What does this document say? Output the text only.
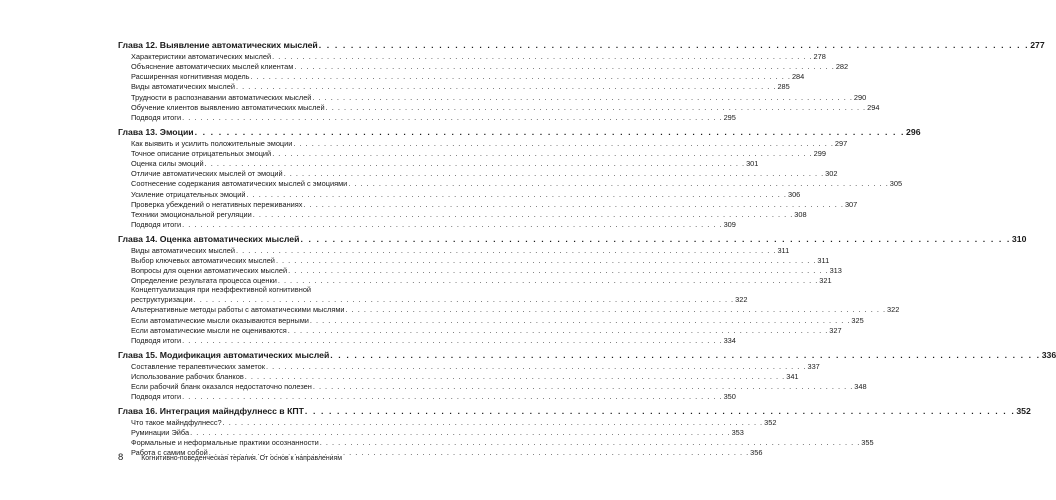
Глава 12. Выявление автоматических мыслей . . . . . . . . . . . . . . . . . . . . . . . . . . . . . . . . . . . . . . . . . . . . . . . . . . . . . . . . . . . . . . . . . . . . . . . . . . . . . . . . . . . . . . . . . 277
Характеристики автоматических мыслей . . . . . . . . . . . . . . . . . . . . . . . . . . . . . . . . . . . . . . . . . . . . . . . . . . . . . . . . . . . . . . . . . . . . . . . . . . . . . . . . . . . . . . . . . 278
Объяснение автоматических мыслей клиентам . . . . . . . . . . . . . . . . . . . . . . . . . . . . . . . . . . . . . . . . . . . . . . . . . . . . . . . . . . . . . . . . . . . . . . . . . . . . . . . . . . . . . . . . . 282
Расширенная когнитивная модель . . . . . . . . . . . . . . . . . . . . . . . . . . . . . . . . . . . . . . . . . . . . . . . . . . . . . . . . . . . . . . . . . . . . . . . . . . . . . . . . . . . . . . . . . 284
Виды автоматических мыслей . . . . . . . . . . . . . . . . . . . . . . . . . . . . . . . . . . . . . . . . . . . . . . . . . . . . . . . . . . . . . . . . . . . . . . . . . . . . . . . . . . . . . . . . . 285
Трудности в распознавании автоматических мыслей . . . . . . . . . . . . . . . . . . . . . . . . . . . . . . . . . . . . . . . . . . . . . . . . . . . . . . . . . . . . . . . . . . . . . . . . . . . . . . . . . . . . . . . . . 290
Обучение клиентов выявлению автоматических мыслей . . . . . . . . . . . . . . . . . . . . . . . . . . . . . . . . . . . . . . . . . . . . . . . . . . . . . . . . . . . . . . . . . . . . . . . . . . . . . . . . . . . . . . . . . 294
Подводя итоги . . . . . . . . . . . . . . . . . . . . . . . . . . . . . . . . . . . . . . . . . . . . . . . . . . . . . . . . . . . . . . . . . . . . . . . . . . . . . . . . . . . . . . . . . 295
Глава 13. Эмоции . . . . . . . . . . . . . . . . . . . . . . . . . . . . . . . . . . . . . . . . . . . . . . . . . . . . . . . . . . . . . . . . . . . . . . . . . . . . . . . . . . . . . . . . . 296
Как выявить и усилить положительные эмоции . . . . . . . . . . . . . . . . . . . . . . . . . . . . . . . . . . . . . . . . . . . . . . . . . . . . . . . . . . . . . . . . . . . . . . . . . . . . . . . . . . . . . . . . . 297
Точное описание отрицательных эмоций . . . . . . . . . . . . . . . . . . . . . . . . . . . . . . . . . . . . . . . . . . . . . . . . . . . . . . . . . . . . . . . . . . . . . . . . . . . . . . . . . . . . . . . . . 299
Оценка силы эмоций . . . . . . . . . . . . . . . . . . . . . . . . . . . . . . . . . . . . . . . . . . . . . . . . . . . . . . . . . . . . . . . . . . . . . . . . . . . . . . . . . . . . . . . . . 301
Отличие автоматических мыслей от эмоций . . . . . . . . . . . . . . . . . . . . . . . . . . . . . . . . . . . . . . . . . . . . . . . . . . . . . . . . . . . . . . . . . . . . . . . . . . . . . . . . . . . . . . . . . 302
Соотнесение содержания автоматических мыслей с эмоциями . . . . . . . . . . . . . . . . . . . . . . . . . . . . . . . . . . . . . . . . . . . . . . . . . . . . . . . . . . . . . . . . . . . . . . . . . . . . . . . . . . . . . . . . . 305
Усиление отрицательных эмоций . . . . . . . . . . . . . . . . . . . . . . . . . . . . . . . . . . . . . . . . . . . . . . . . . . . . . . . . . . . . . . . . . . . . . . . . . . . . . . . . . . . . . . . . . 306
Проверка убеждений о негативных переживаниях . . . . . . . . . . . . . . . . . . . . . . . . . . . . . . . . . . . . . . . . . . . . . . . . . . . . . . . . . . . . . . . . . . . . . . . . . . . . . . . . . . . . . . . . . 307
Техники эмоциональной регуляции . . . . . . . . . . . . . . . . . . . . . . . . . . . . . . . . . . . . . . . . . . . . . . . . . . . . . . . . . . . . . . . . . . . . . . . . . . . . . . . . . . . . . . . . . 308
Подводя итоги . . . . . . . . . . . . . . . . . . . . . . . . . . . . . . . . . . . . . . . . . . . . . . . . . . . . . . . . . . . . . . . . . . . . . . . . . . . . . . . . . . . . . . . . . 309
Глава 14. Оценка автоматических мыслей . . . . . . . . . . . . . . . . . . . . . . . . . . . . . . . . . . . . . . . . . . . . . . . . . . . . . . . . . . . . . . . . . . . . . . . . . . . . . . . . . . . . . . . . . 310
Виды автоматических мыслей . . . . . . . . . . . . . . . . . . . . . . . . . . . . . . . . . . . . . . . . . . . . . . . . . . . . . . . . . . . . . . . . . . . . . . . . . . . . . . . . . . . . . . . . . 311
Выбор ключевых автоматических мыслей . . . . . . . . . . . . . . . . . . . . . . . . . . . . . . . . . . . . . . . . . . . . . . . . . . . . . . . . . . . . . . . . . . . . . . . . . . . . . . . . . . . . . . . . . 311
Вопросы для оценки автоматических мыслей . . . . . . . . . . . . . . . . . . . . . . . . . . . . . . . . . . . . . . . . . . . . . . . . . . . . . . . . . . . . . . . . . . . . . . . . . . . . . . . . . . . . . . . . . 313
Определение результата процесса оценки . . . . . . . . . . . . . . . . . . . . . . . . . . . . . . . . . . . . . . . . . . . . . . . . . . . . . . . . . . . . . . . . . . . . . . . . . . . . . . . . . . . . . . . . . 321
Концептуализация при неэффективной когнитивной
реструктуризации . . . . . . . . . . . . . . . . . . . . . . . . . . . . . . . . . . . . . . . . . . . . . . . . . . . . . . . . . . . . . . . . . . . . . . . . . . . . . . . . . . . . . . . . . 322
Альтернативные методы работы с автоматическими мыслями . . . . . . . . . . . . . . . . . . . . . . . . . . . . . . . . . . . . . . . . . . . . . . . . . . . . . . . . . . . . . . . . . . . . . . . . . . . . . . . . . . . . . . . . . 322
Если автоматические мысли оказываются верными . . . . . . . . . . . . . . . . . . . . . . . . . . . . . . . . . . . . . . . . . . . . . . . . . . . . . . . . . . . . . . . . . . . . . . . . . . . . . . . . . . . . . . . . . 325
Если автоматические мысли не оцениваются . . . . . . . . . . . . . . . . . . . . . . . . . . . . . . . . . . . . . . . . . . . . . . . . . . . . . . . . . . . . . . . . . . . . . . . . . . . . . . . . . . . . . . . . . 327
Подводя итоги . . . . . . . . . . . . . . . . . . . . . . . . . . . . . . . . . . . . . . . . . . . . . . . . . . . . . . . . . . . . . . . . . . . . . . . . . . . . . . . . . . . . . . . . . 334
Глава 15. Модификация автоматических мыслей . . . . . . . . . . . . . . . . . . . . . . . . . . . . . . . . . . . . . . . . . . . . . . . . . . . . . . . . . . . . . . . . . . . . . . . . . . . . . . . . . . . . . . . . . 336
Составление терапевтических заметок . . . . . . . . . . . . . . . . . . . . . . . . . . . . . . . . . . . . . . . . . . . . . . . . . . . . . . . . . . . . . . . . . . . . . . . . . . . . . . . . . . . . . . . . . 337
Использование рабочих бланков . . . . . . . . . . . . . . . . . . . . . . . . . . . . . . . . . . . . . . . . . . . . . . . . . . . . . . . . . . . . . . . . . . . . . . . . . . . . . . . . . . . . . . . . . 341
Если рабочий бланк оказался недостаточно полезен . . . . . . . . . . . . . . . . . . . . . . . . . . . . . . . . . . . . . . . . . . . . . . . . . . . . . . . . . . . . . . . . . . . . . . . . . . . . . . . . . . . . . . . . . 348
Подводя итоги . . . . . . . . . . . . . . . . . . . . . . . . . . . . . . . . . . . . . . . . . . . . . . . . . . . . . . . . . . . . . . . . . . . . . . . . . . . . . . . . . . . . . . . . . 350
Глава 16. Интеграция майндфулнесс в КПТ . . . . . . . . . . . . . . . . . . . . . . . . . . . . . . . . . . . . . . . . . . . . . . . . . . . . . . . . . . . . . . . . . . . . . . . . . . . . . . . . . . . . . . . . . 352
Что такое майндфулнесс? . . . . . . . . . . . . . . . . . . . . . . . . . . . . . . . . . . . . . . . . . . . . . . . . . . . . . . . . . . . . . . . . . . . . . . . . . . . . . . . . . . . . . . . . . 352
Руминации Эйба . . . . . . . . . . . . . . . . . . . . . . . . . . . . . . . . . . . . . . . . . . . . . . . . . . . . . . . . . . . . . . . . . . . . . . . . . . . . . . . . . . . . . . . . . 353
Формальные и неформальные практики осознанности . . . . . . . . . . . . . . . . . . . . . . . . . . . . . . . . . . . . . . . . . . . . . . . . . . . . . . . . . . . . . . . . . . . . . . . . . . . . . . . . . . . . . . . . . 355
Работа с самим собой . . . . . . . . . . . . . . . . . . . . . . . . . . . . . . . . . . . . . . . . . . . . . . . . . . . . . . . . . . . . . . . . . . . . . . . . . . . . . . . . . . . . . . . . . 356
8	Когнитивно-поведенческая терапия. От основ к направлениям
